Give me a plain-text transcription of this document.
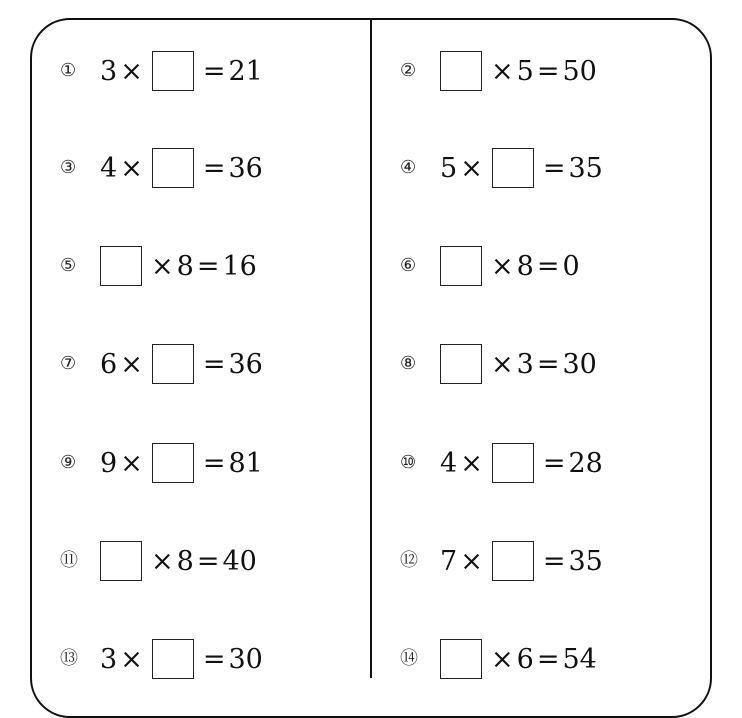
① 3 × = 21
③ 4 × = 36
⑤	× 8 = 16
⑦ 6 × = 36
⑨ 9 × = 81
⑪	× 8 = 40
⑬ 3 × = 30
②	× 5 = 50
④ 5 × = 35
⑥	× 8 = 0
⑧	× 3 = 30
⑩ 4 × = 28
⑫ 7 × = 35
⑭	× 6 = 54
